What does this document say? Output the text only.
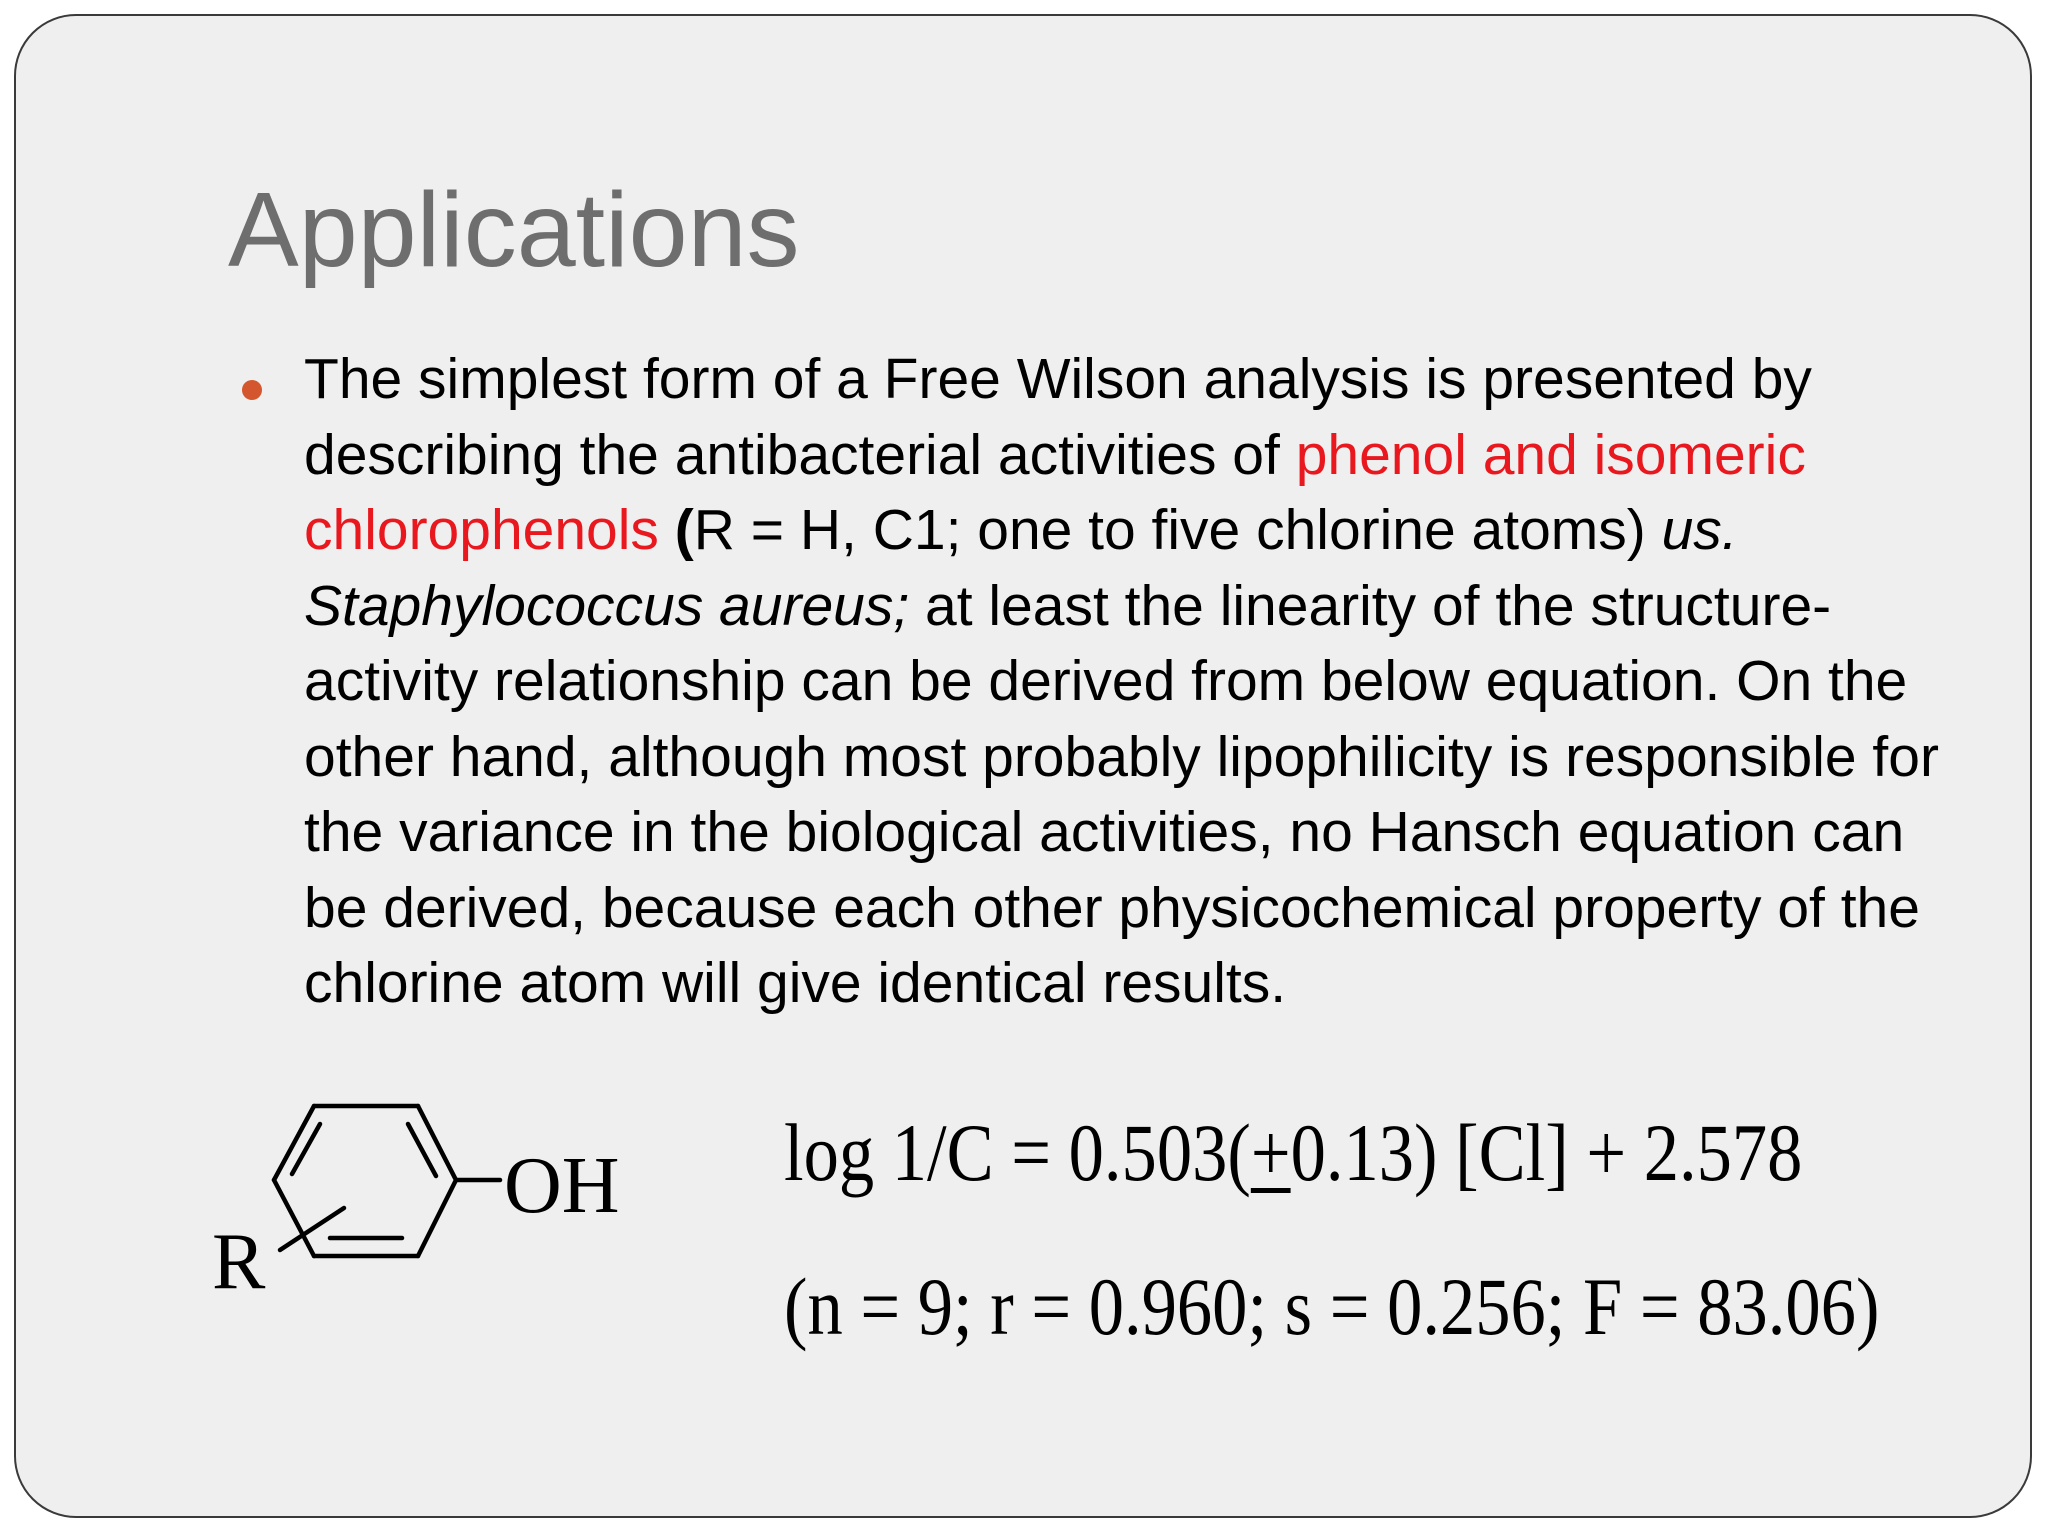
Applications

The simplest form of a Free Wilson analysis is presented by describing the antibacterial activities of phenol and isomeric chlorophenols (R = H, C1; one to five chlorine atoms) us. Staphylococcus aureus; at least the linearity of the structure-activity relationship can be derived from below equation. On the other hand, although most probably lipophilicity is responsible for the variance in the biological activities, no Hansch equation can be derived, because each other physicochemical property of the chlorine atom will give identical results.

OH
R

log 1/C = 0.503(+0.13) [Cl] + 2.578

(n = 9; r = 0.960; s = 0.256; F = 83.06)
